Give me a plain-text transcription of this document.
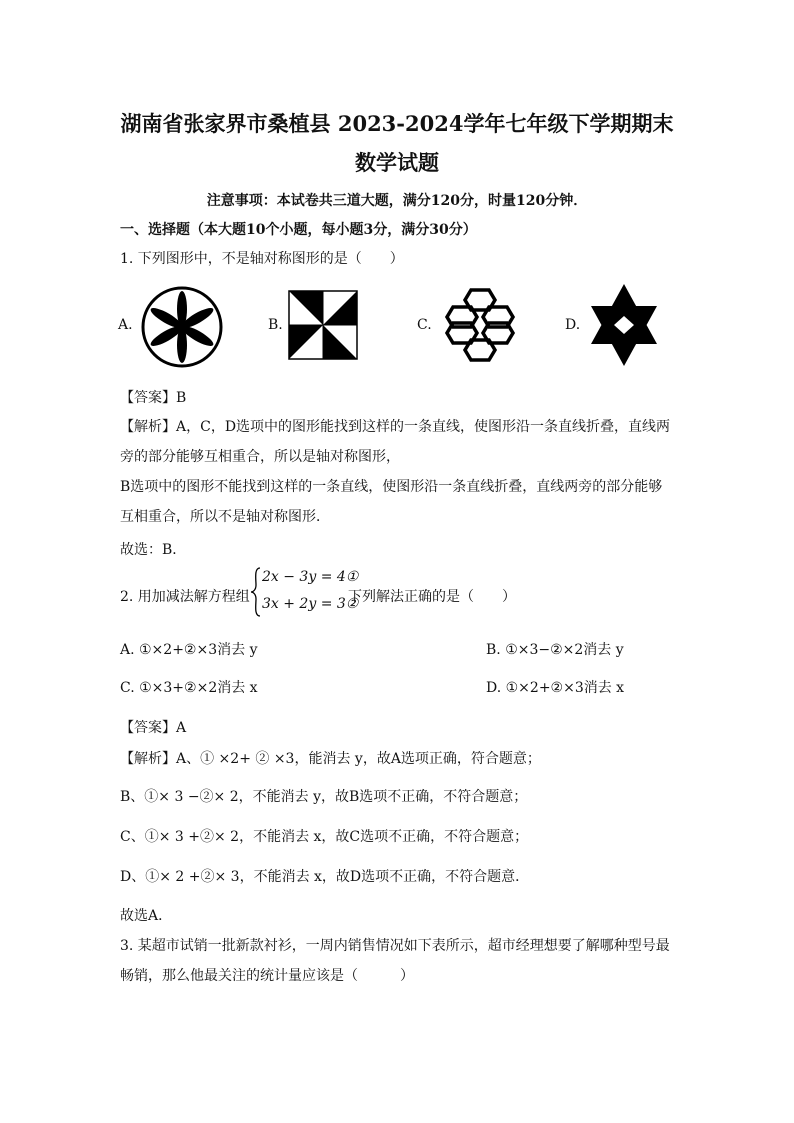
湖南省张家界市桑植县 2023-2024学年七年级下学期期末
数学试题
注意事项：本试卷共三道大题，满分120分，时量120分钟．
一、选择题（本大题10个小题，每小题3分，满分30分）
1. 下列图形中，不是轴对称图形的是（　　）
A.	B.	C.	D.
【答案】B
【解析】A，C，D选项中的图形能找到这样的一条直线，使图形沿一条直线折叠，直线两
旁的部分能够互相重合，所以是轴对称图形，
B选项中的图形不能找到这样的一条直线，使图形沿一条直线折叠，直线两旁的部分能够
互相重合，所以不是轴对称图形．
故选：B．
2. 用加减法解方程组
2x − 3y = 4①
3x + 2y = 3②
下列解法正确的是（　　）
A. ①×2+②×3消去 y	B. ①×3−②×2消去 y
C. ①×3+②×2消去 x	D. ①×2+②×3消去 x
【答案】A
【解析】A、① ×2+ ② ×3，能消去 y，故A选项正确，符合题意；
B、①× 3 −②× 2，不能消去 y，故B选项不正确，不符合题意；
C、①× 3 +②× 2，不能消去 x，故C选项不正确，不符合题意；
D、①× 2 +②× 3，不能消去 x，故D选项不正确，不符合题意．
故选A．
3. 某超市试销一批新款衬衫，一周内销售情况如下表所示，超市经理想要了解哪种型号最
畅销，那么他最关注的统计量应该是（　　　）
